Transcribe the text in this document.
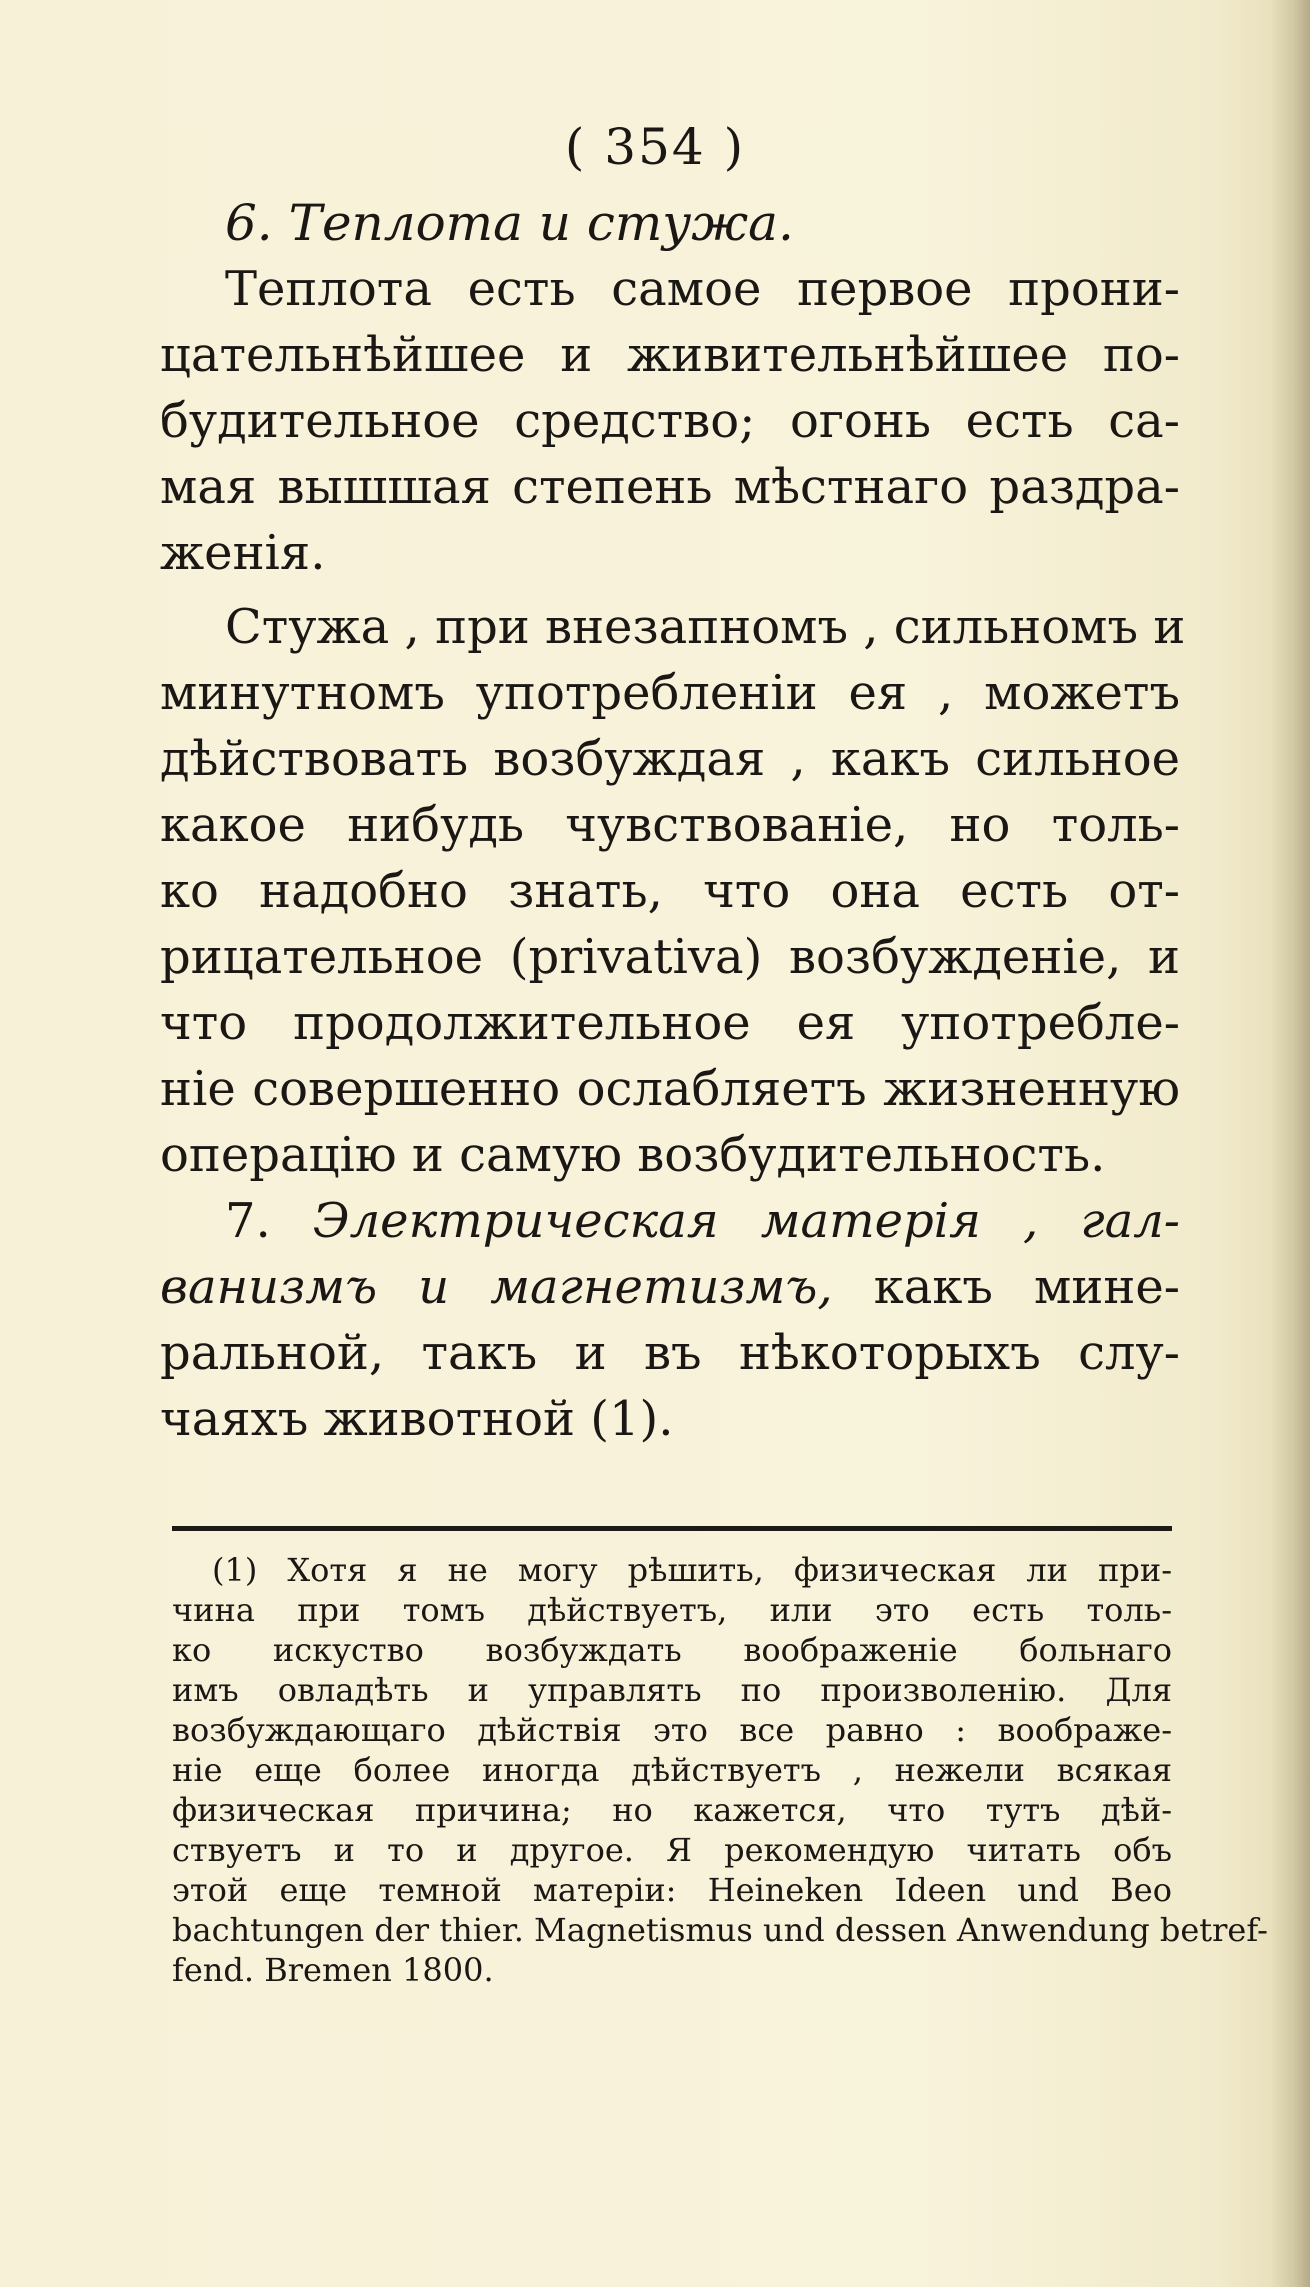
( 354 )
6. Теплота и стужа.
Теплота есть самое первое прони-
цательнѣйшее и живительнѣйшее по-
будительное средство; огонь есть са-
мая вышшая степень мѣстнаго раздра-
женія.
Стужа , при внезапномъ , сильномъ и
минутномъ употребленіи ея , можетъ
дѣйствовать возбуждая , какъ сильное
какое нибудь чувствованіе, но толь-
ко надобно знать, что она есть от-
рицательное (privativa) возбужденіе, и
что продолжительное ея употребле-
ніе совершенно ослабляетъ жизненную
операцію и самую возбудительность.
7. Электрическая матерія , гал-
ванизмъ и магнетизмъ, какъ мине-
ральной, такъ и въ нѣкоторыхъ слу-
чаяхъ живoтной (1).
(1) Хотя я не могу рѣшить, физическая ли при-
чина при томъ дѣйствуетъ, или это есть толь-
ко искуство возбуждать воображеніе больнаго
имъ овладѣть и управлять по произволенію. Для
возбуждающаго дѣйствія это все равно : воображе-
ніе еще более иногда дѣйствуетъ , нежели всякая
физическая причина; но кажется, что тутъ дѣй-
ствуетъ и то и другое. Я рекомендую читать объ
этой еще темной матеріи: Heineken Ideen und Beo
bachtungen der thier. Magnetismus und dessen Anwendung betref-
fend. Bremen 1800.
